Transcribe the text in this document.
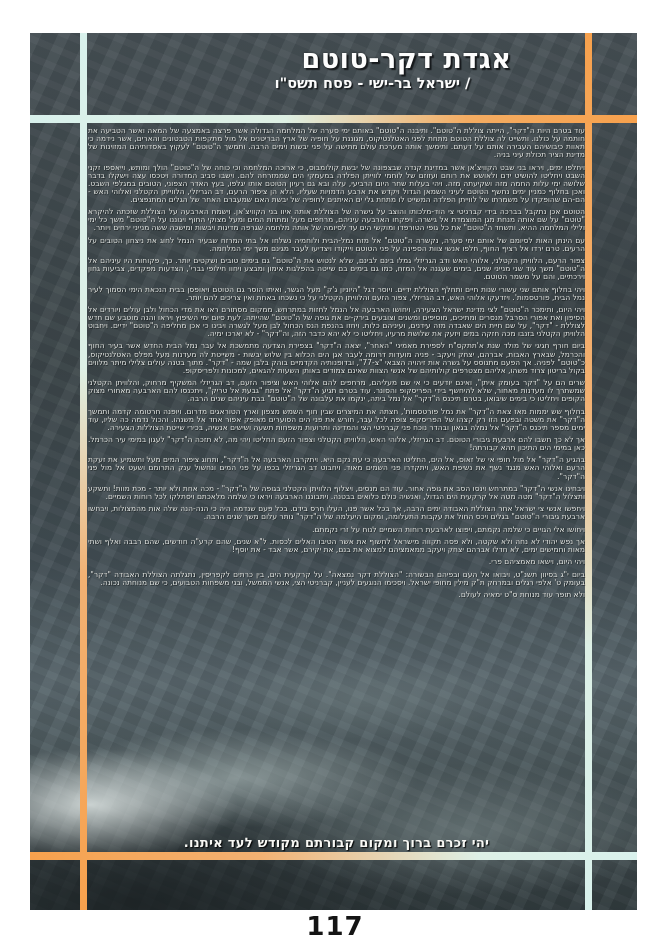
אגדת דקר-טוטם
/ ישראל בר-ישי - פסח תשס"ו

עוד בטרם היות ה"דקר", הייתה צוללת ה"טוטם". ותיבנה ה"טוטם" באותם ימי סערה של המלחמה הגדולה אשר פרצה באמצעה של המאה ואשר הטביעה את חותמה על כולנו. ותשייט לה צוללת הטוטם מתחת לפני האטלנטיקוס, מגוננת על חופיה של ארץ הבריטנים אל מול מתקפות הטבטונים והארים, אשר נידמה כי תאוות כיבושיהם העבירה אותם על דעתם. ותימשך אותה מערכת עולם מתישה על פני יבשות וימים הרבה. ותמשך ה"טוטם" לעקוץ באסדותיהם המזוינות של מדינת הציר תכולת עיני בניה.

ויחלפו ימים, ויראו בני שבט הקוויצ'אן אשר במדינת קנדה שבצפונה של יבשת קולומבוס, כי ארוכה המלחמה וכי כוחה של ה"טוטם" הולך ומותש, וייאספו זקני השבט ויחליטו להושיט ידם ולאושש את רוחם ועזוזם של לוחמי לווייתן הפלדה במעמקי הים שממזרחה להם. וישבו סביב המדורה ויטכסו עצה וישקלו בדבר שלושה ימי עלות החמה מזה ושקיעתה מזה. ויהי בעלות שחר היום הרביעי, עלה ובא גם רעיון הטוטם אותו יגלפו, בעץ האדר הצפוני, הטובים במגלפי השבט. ואכן בחלוף כמניין ימים נחשף הטוטם לעיני השמאן הגדול ויקדש את ארבע הדמויות שעליו, הלא הן ציפור הרעם, דב הגריזלי, הלווייתן הקטלני ואלוהי האש - הם-הם שהופקדו על משמרתו של לווייתן הפלדה המשייט לו מתחת גלי ים האיתנים לחופיה של יבשת האם שמעברם האחר של הגלים המתנפצים.

הטוטם אכן נתקבל בברכה בידי קברניטי צי הוד-מלכותו והוצב על גישרה של הצוללת אותה איוו בני הקוויצ'אן. וישמח הארבעה על הצוללת שזכתה להיקרא "טוטם" על שם אותה מנחת מגן המוצמדת אל גישרה. ויפקחו הארבעה עיניהם, מרחפים מעל ומתחת המים ומעל מצוקי החוף ויגוננו על ה"טוטם" משך כל ימי ולילי המלחמה ההיא. ותשחד ה"טוטם" את כל גופי הטורפדו ומוקשי הים עד לסיומה של אותה מלחמה שגרפה מדינות ויבשות ומישכה ששה מנייני ירחים ויותר.

עם הינתן האות לסיומם של אותם ימי סערה, נקשרה ה"טוטם" אל מזח נמל-הבית ולוחמיה נשלחו אל בתי המרזח שבעיר הנמל לחוג את ניצחון הטובים על הרעים. טרם ירדו אל רציף החוף, חלפו אנשי צוות הספינה על פני הטוטם וייקודו ויצדיעו לעבר מגינם משך ימי המלחמה.

צפור הרעם, הלוויתן הקטלני, אלוהי האש ודב הגריזלי גמלו בינם לבינם, שלא לנטוש את ה"טוטם" גם בימים טובים ושקטים יותר. כך, פקוחות היו עיניהם אל ה"טוטם" משך עוד שני מנייני שנים, בימים שעגנה אל המזח, כמו גם בימים בם שייטה בהפלגות אימון ומבצע ויחוו חילופי גברי', הצדעות מפקדים, צביעות גחון וירכתיים, והם על משמר הטוטם.

ויהי בחלוף אותם שני עשורי שנות חיים ותחלף הצוללת ידיים. ויוסר דגל "היוניון ג'ק" מעל הגשר, ואיתו הוסר גם הטוטם ויאופסן בבית הנכאת הימי הסמוך לעיר נמל הבית, פורטסמות'. ויזדעקו אלוהי האש, דב הגריזלי, צפור הזעם והלוויתן הקטלני על כי נשכחו באחת ואין צריכים להם יותר.

ויהי היום, ותימכר ה"טוטם" לצי מדינת ישראל הצעירה, ויחושו הארבעה אל הנמל לחזות במתרחש. ממקום מסתורם ראו את מדי הכחול ולבן עולים ויורדים אל הסיפון ואת אפורי הסרבל מנסרים ומתיכים, מוסיפים ומשנים וצובעים בירק-ים את גופה של ה"טוטם" שהייתה. לעת סיום ימי השיפוץ ויראו והנה מוטבע שם חדש לצוללת - "דקר", על שם חיית הים שאבדה מזה עידנים, ועיניהם כלות. ויחזו בהנפת הנס הכחול לבן מעל לגשרה ויבינו כי אכן מחליפה ה"טוטם" ידיים. ויחבוט הלוויתן הקטלני בזנבו מכה חזקה במים ויזעק את שלושת מרעיו, ויחליטו כי לא יהא כדבר הזה, וה"דקר" - לא יארכו ימיה.

ביום חורף חגיגי של מולד שנת א'תתקס"ח לספירת מאמיני "האחר", יצאה ה"דקר" בצפירת הצדעה מתמשכת אל עבר נמל הבית החדש אשר בעיר החוף והכרמל, שבארץ האבות, אברהם, יצחק ויעקב - פניה מועדות דרומה לעבר אגן הים הכלוא בין שלוש יבשות - משייטת לה מעדנות מעל מפלס האטלנטיקוס, כ"טוטם" לפניה. אך הפעם מתנוסס על גשרה אות זיהויה הצבאי "צ-77", ובדופנותיה הקדמיים בוהק בלבן שמה - "דקר". מתוך בטנה עולים צלילי מיתר מלווים בקול בריטון צרוד משהו, אליהם מצטרפים קולותיהם של אנשי הצוות שאינם צמודים באותן השעות להגאים, למכונות ולפריסקופ.

שרים הם על "דקר בעומק איתן", ואינם יודעים כי אי שם מעליהם, מרחפים להם אלוהי האש וציפור הזעם, דב הגריזלי המשקיף מרחוק, והלוויתן הקטלני שמשתרך לו מעדנות מאחור, שלא להיחשף בידי הפריסקופ והסונר. עוד בטרם תגיע ה"דקר" אל פתח "גבעת אל טריק", ויתכנסו להם הארבעה מאחורי מצוק הקופים ויחליטו כי בימים שיבואו, בטרם תיכנס ה"דקר" אל נמל ביתה, ינקמו את עלבונה של ה"טוטם" בבת עיניהם שנים הרבה.

בחלוף שש יממות מאז צאת ה"דקר" את נמל פורטסמות', חצתה את המיצרים שבין חוף השמש מצפון וארץ הטוראגים מדרום. ויופנה חרטומה קדמה ותמשך ה"דקר" את משטה ובפעם הזו רק קצהו של הפריסקופ צופה לכל עבר, חורש את פני הים הסוערים מאופק אפור אחד אל משנהו. והכול נדמה כה שליו, עוד ימים מספר תיכנס ה"דקר" אל נמלה בגאון ובהדר נוכח פני קברניטי הצי והמדינה ותרועות משפחות תשעה ושישים אנשיה, בכירי שייטת הצוללות הצעירה.

אך לא כך חשבו להם ארבעת גיבורי הטוטם. דב הגריזלי, אלוהי האש, הלוויתן הקטלני וצפור הזעם החליטו ויהי מה, לא תזכה ה"דקר" לעגון במימי עיר הכרמל. כאן במימי הים התיכון תהא קבורתה!

בהגיע ה"דקר" אל מול חופי אי של זאוס, אל הים, החליטו הארבעה כי עת נקם היא. ויתקרבו הארבעה אל ה"דקר", ותחוג ציפור המים מעל ותשמיע את זעקת הרעם ואלוהי האש מנגד נשף את נשיפת האש, ויתקדרו פני השמים מאוד. ויחבוט דב הגריזלי בכפו על פני המים ונחשול ענק התרומם ושעט אל מול פני ה"דקר".

ויבחינו אנשי ה"דקר" במתרחש וינסו הסב את גופה אחור. עוד הם מנסים, ויצלוף הלוויתן הקטלני בגופה של ה"דקר" - מכה אחת ולא יותר - מכת מוות! ותשקע ותצלול ה"דקר" מטה מטה אל קרקעית הים הגדול, ואנשיה כולם כלואים בבטנה. ויתבוננו הארבעה ויראו כי שלמה מלאכתם ויסתלקו לכל רוחות השמיים.

ויחפשו אנשי צי ישראל אחר הצוללת האבודה ימים הרבה, אך בכל אשר פנו, העלו חרס בידם. בכל פעם שנדמה היה כי הנה-הנה שלה אות מהמצולות, ויבחשו ארבעת גיבורי ה"טוטם" בגלים ויכס החול את עקבות התעלומה, ומקום היעלמה של ה"דקר" נותר עלום משך שנים הרבה.

ויחושו אלי הגויים כי שלמה נקמתם, ויפוצו לארבעת רוחות השמיים לנוח על זרי נקמתם.

אך נפש יהודי לא נחה ולא שקטה, ולא פסה תקווה מישראל לחשוף את אשר הטיבו האלים לכסות. ל"א שנים, שהם קרע"ה חודשים, שהם רבבה ואלף ושתי מאות וחמישים ימים, לא חדלו אברהם יצחק ויעקב ממאמציהם למצוא את בנם, את יקירם, אשר אבד - את יוסף!

ויהי היום, וישאו מאמציהם פרי.

ביום י"ג בסיוון תשנ"ט, ויבואו אל העם ובפיהם הבשורה: "הצוללת דקר נמצאה". על קרקעית הים, בין כרתים לקפריסין, נתגלתה הצוללת האבודה "דקר", בעומק ט' אלפי רגלים ובמרחק ת"ק מילין מחופי ישראל. ויסכימו הנוגעים לעניין, קברניטי הצי, אנשי הממשל, ובני משפחות הטבועים, כי שם מנוחתה נכונה.

ולא תופר עוד מנוחת ס"ט ימאיה לעולם.

יהי זכרם ברוך ומקום קבורתם מקודש לעד איתנו.
117
